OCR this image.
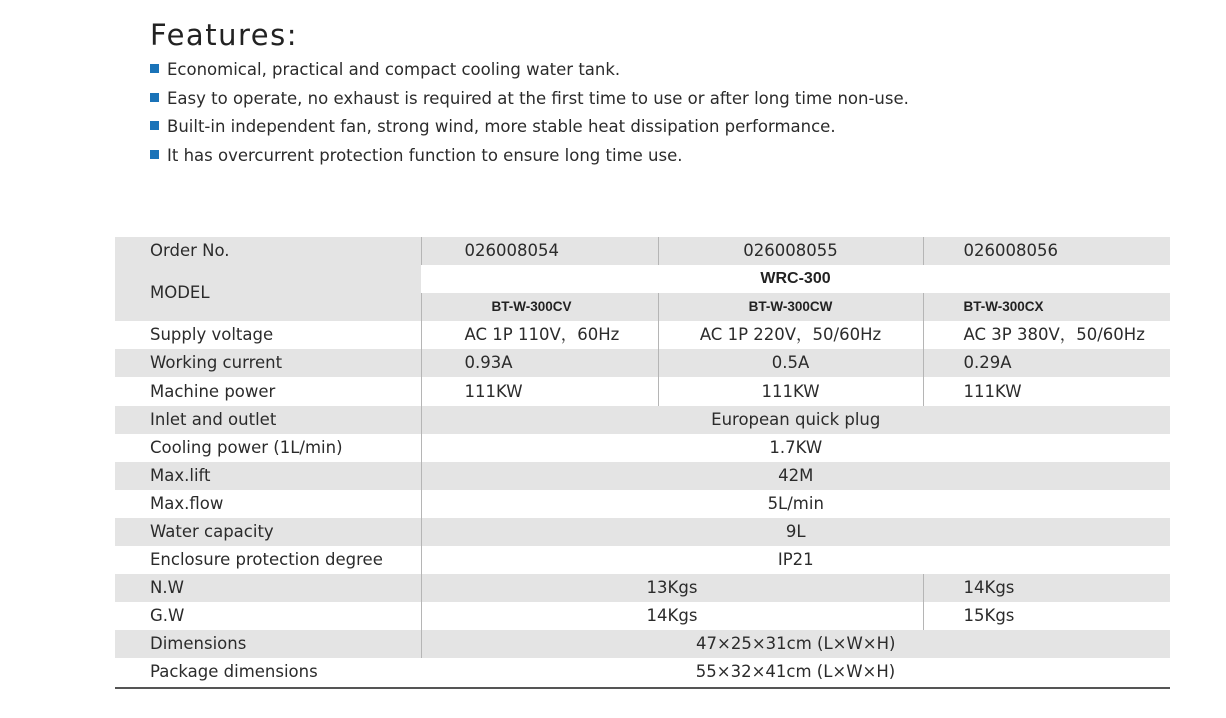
Features:
Economical, practical and compact cooling water tank.
Easy to operate, no exhaust is required at the first time to use or after long time non-use.
Built-in independent fan, strong wind, more stable heat dissipation performance.
It has overcurrent protection function to ensure long time use.
Order No.	026008054	026008055	026008056
MODEL	WRC-300		
	BT-W-300CV	BT-W-300CW	BT-W-300CX
Supply voltage	AC 1P 110V，60Hz	AC 1P 220V，50/60Hz	AC 3P 380V，50/60Hz
Working current	0.93A	0.5A	0.29A
Machine power	111KW	111KW	111KW
Inlet and outlet	European quick plug		
Cooling power (1L/min)	1.7KW		
Max.lift	42M		
Max.flow	5L/min		
Water capacity	9L		
Enclosure protection degree	IP21		
N.W	13Kgs		14Kgs
G.W	14Kgs		15Kgs
Dimensions	47×25×31cm (L×W×H)		
Package dimensions	55×32×41cm (L×W×H)		
